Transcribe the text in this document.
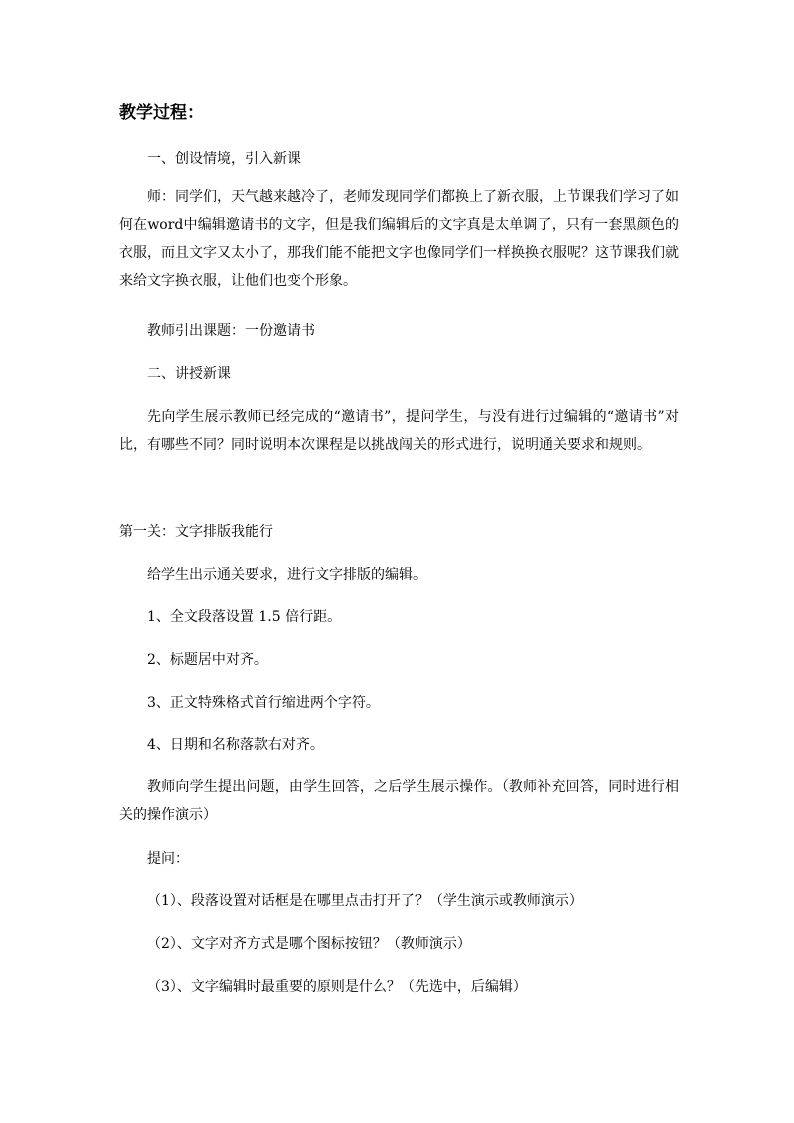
教学过程：
一、创设情境，引入新课
师：同学们，天气越来越冷了，老师发现同学们都换上了新衣服，上节课我们学习了如何在word中编辑邀请书的文字，但是我们编辑后的文字真是太单调了，只有一套黑颜色的衣服，而且文字又太小了，那我们能不能把文字也像同学们一样换换衣服呢？这节课我们就来给文字换衣服，让他们也变个形象。
教师引出课题：一份邀请书
二、讲授新课
先向学生展示教师已经完成的“邀请书”，提问学生，与没有进行过编辑的“邀请书”对比，有哪些不同？同时说明本次课程是以挑战闯关的形式进行，说明通关要求和规则。
第一关：文字排版我能行
给学生出示通关要求，进行文字排版的编辑。
1、全文段落设置 1.5 倍行距。
2、标题居中对齐。
3、正文特殊格式首行缩进两个字符。
4、日期和名称落款右对齐。
教师向学生提出问题，由学生回答，之后学生展示操作。（教师补充回答，同时进行相关的操作演示）
提问：
（1）、段落设置对话框是在哪里点击打开了？（学生演示或教师演示）
（2）、文字对齐方式是哪个图标按钮？（教师演示）
（3）、文字编辑时最重要的原则是什么？（先选中，后编辑）
